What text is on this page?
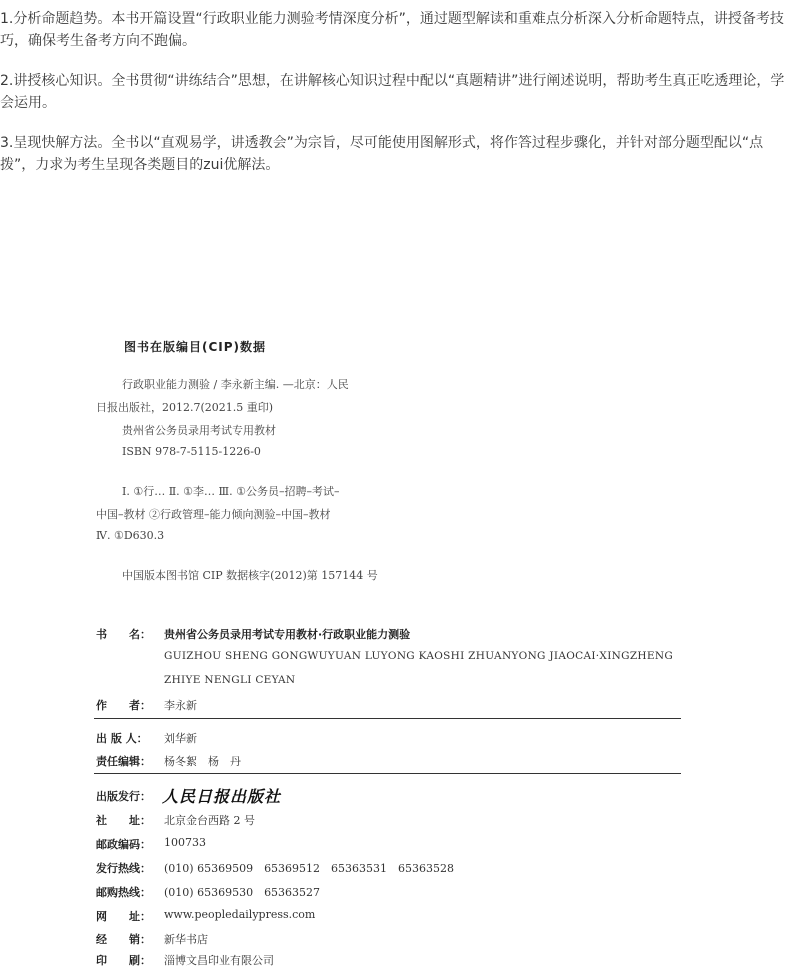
1.分析命题趋势。本书开篇设置“行政职业能力测验考情深度分析”，通过题型解读和重难点分析深入分析命题特点，讲授备考技巧，确保考生备考方向不跑偏。

2.讲授核心知识。全书贯彻“讲练结合”思想，在讲解核心知识过程中配以“真题精讲”进行阐述说明，帮助考生真正吃透理论，学会运用。

3.呈现快解方法。全书以“直观易学，讲透教会”为宗旨，尽可能使用图解形式，将作答过程步骤化，并针对部分题型配以“点拨”，力求为考生呈现各类题目的zui优解法。

图书在版编目(CIP)数据
行政职业能力测验 / 李永新主编. —北京：人民
日报出版社，2012.7(2021.5 重印)
贵州省公务员录用考试专用教材
ISBN 978-7-5115-1226-0
Ⅰ. ①行… Ⅱ. ①李… Ⅲ. ①公务员–招聘–考试–
中国–教材 ②行政管理–能力倾向测验–中国–教材
Ⅳ. ①D630.3
中国版本图书馆 CIP 数据核字(2012)第 157144 号
书　　名： 贵州省公务员录用考试专用教材·行政职业能力测验
GUIZHOU SHENG GONGWUYUAN LUYONG KAOSHI ZHUANYONG JIAOCAI·XINGZHENG
ZHIYE NENGLI CEYAN
作　　者： 李永新
出 版 人： 刘华新
责任编辑： 杨冬絮　杨　丹
出版发行： 人民日报出版社
社　　址： 北京金台西路 2 号
邮政编码： 100733
发行热线： (010) 65369509　65369512　65363531　65363528
邮购热线： (010) 65369530　65363527
网　　址： www.peopledailypress.com
经　　销： 新华书店
印　　刷： 淄博文昌印业有限公司
